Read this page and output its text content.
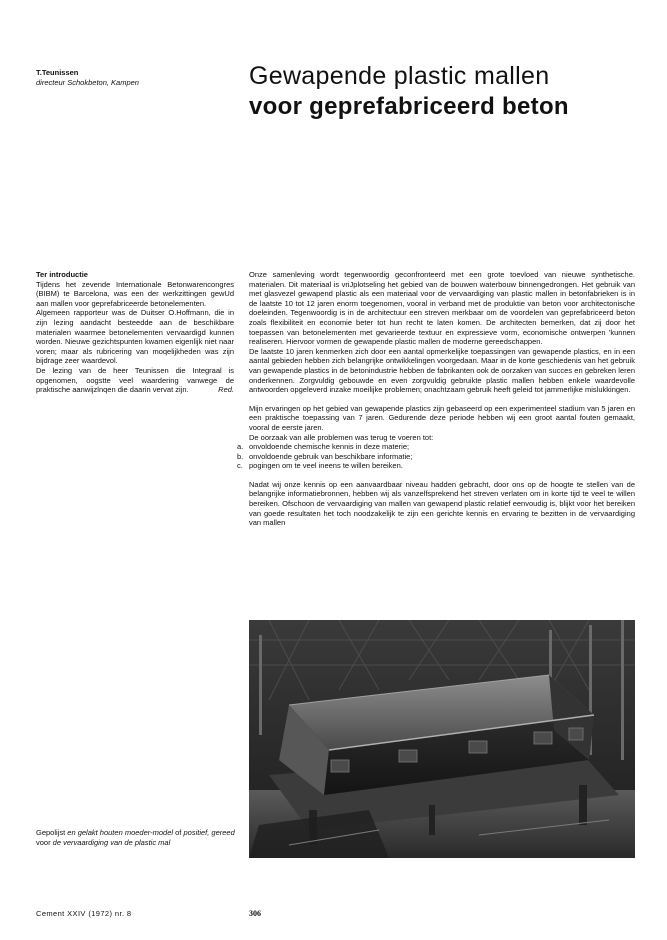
T.Teunissen
directeur Schokbeton, Kampen	Gewapende plastic mallen
voor geprefabriceerd beton
Ter introductie

Tijdens het zevende Internationale Betonwarencongres (BIBM) te Barcelona, was een der werkzittingen gewUd aan mallen voor geprefabriceerde betonelementen.

Algemeen rapporteur was de Duitser O.Hoffmann, die in zijn lezing aandacht besteedde aan de beschikbare materialen waarmee betonelementen vervaardigd kunnen worden. Nieuwe gezichtspunten kwamen eigenlijk niet naar voren; maar als rubricering van moqelijkheden was zijn bijdrage zeer waardevol.

De lezing van de heer Teunissen die Integraal is opgenomen, oogstte veel waardering vanwege de praktische aanwijzlnqen die daarin vervat zijn.	Red.

Onze samenleving wordt tegenwoordig geconfronteerd met een grote toevloed van nieuwe synthetische. materialen. Dit materiaal is vriJplotseling het gebied van de bouwen waterbouw binnengedrongen. Het gebruik van met glasvezel gewapend plastic als een materiaal voor de vervaardiging van plastic mallen in betonfabrieken is in de laatste 10 tot 12 jaren enorm toegenomen, vooral in verband met de produktie van beton voor architectonische doeleinden. Tegenwoordig is in de architectuur een streven merkbaar om de voordelen van geprefabriceerd beton zoals flexibiliteit en economie beter tot hun recht te laten komen. De architecten bemerken, dat zij door het toepassen van betonelementen met gevarieerde textuur en expressieve vorm, economische ontwerpen 'kunnen realiseren. Hiervoor vormen de gewapende plastic mallen de moderne gereedschappen.

De laatste 10 jaren kenmerken zich door een aantal opmerkelijke toepassingen van gewapende plastics, en in een aantal gebieden hebben zich belangrijke ontwikkelingen voorgedaan. Maar in de korte geschiedenis van het gebruik van gewapende plastics in de betonindustrie hebben de fabrikanten ook de oorzaken van succes en gebreken leren onderkennen. Zorgvuldig gebouwde en even zorgvuldig gebruikte plastic mallen hebben enkele waardevolle antwoorden opgeleverd inzake moeilijke problemen; onachtzaam gebruik heeft geleid tot jammerlijke mislukkingen.

Mijn ervaringen op het gebied van gewapende plastics zijn gebaseerd op een experimenteel stadium van 5 jaren en een praktische toepassing van 7 jaren. Gedurende deze periode hebben wij een groot aantal fouten gemaakt, vooral de eerste jaren.

De oorzaak van alle problemen was terug te voeren tot:

a. onvoldoende chemische kennis in deze materie;
b. onvoldoende gebruik van beschikbare informatie;
c. pogingen om te veel ineens te willen bereiken.

Nadat wij onze kennis op een aanvaardbaar niveau hadden gebracht, door ons op de hoogte te stellen van de belangrijke informatiebronnen, hebben wij als vanzelfsprekend het streven verlaten om in korte tijd te veel te willen bereiken. Ofschoon de vervaardiging van mallen van gewapend plastic relatief eenvoudig is, blijkt voor het bereiken van goede resultaten het toch noodzakelijk te zijn een gerichte kennis en ervaring te bezitten in de vervaardiging van mallen

Gepolijst en gelakt houten moeder-model of positief, gereed voor de vervaardiging van de plastic mal
Cement XXIV (1972) nr. 8	306
